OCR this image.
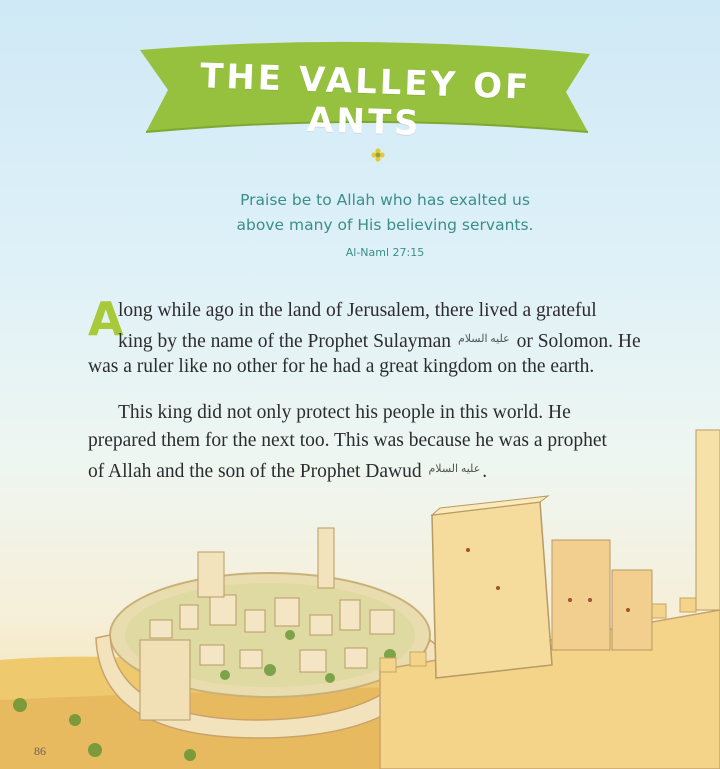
THE VALLEY OF ANTS
Praise be to Allah who has exalted us
above many of His believing servants.
Al-Naml 27:15
A
long while ago in the land of Jerusalem, there lived a grateful
king by the name of the Prophet Sulayman $^{عليه السلام}$ or Solomon. He
was a ruler like no other for he had a great kingdom on the earth.
This king did not only protect his people in this world. He
prepared them for the next too. This was because he was a prophet
of Allah and the son of the Prophet Dawud $^{عليه السلام}$ .
86
